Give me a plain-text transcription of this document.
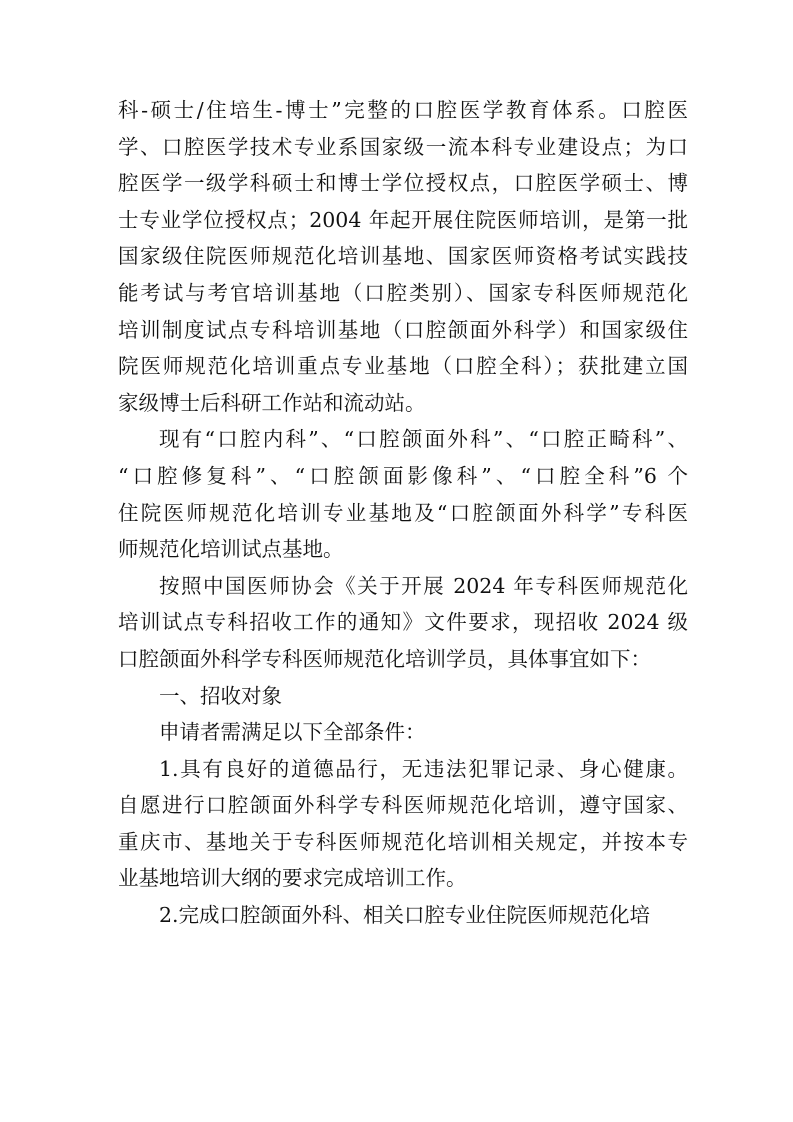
科-硕士/住培生-博士”完整的口腔医学教育体系。口腔医
学、口腔医学技术专业系国家级一流本科专业建设点；为口
腔医学一级学科硕士和博士学位授权点，口腔医学硕士、博
士专业学位授权点；2004 年起开展住院医师培训，是第一批
国家级住院医师规范化培训基地、国家医师资格考试实践技
能考试与考官培训基地（口腔类别）、国家专科医师规范化
培训制度试点专科培训基地（口腔颌面外科学）和国家级住
院医师规范化培训重点专业基地（口腔全科）；获批建立国
家级博士后科研工作站和流动站。
现有“口腔内科”、“口腔颌面外科”、“口腔正畸科”、
“口腔修复科”、“口腔颌面影像科”、“口腔全科”6 个
住院医师规范化培训专业基地及“口腔颌面外科学”专科医
师规范化培训试点基地。
按照中国医师协会《关于开展 2024 年专科医师规范化
培训试点专科招收工作的通知》文件要求，现招收 2024 级
口腔颌面外科学专科医师规范化培训学员，具体事宜如下：
一、招收对象
申请者需满足以下全部条件：
1.具有良好的道德品行，无违法犯罪记录、身心健康。
自愿进行口腔颌面外科学专科医师规范化培训，遵守国家、
重庆市、基地关于专科医师规范化培训相关规定，并按本专
业基地培训大纲的要求完成培训工作。
2.完成口腔颌面外科、相关口腔专业住院医师规范化培
